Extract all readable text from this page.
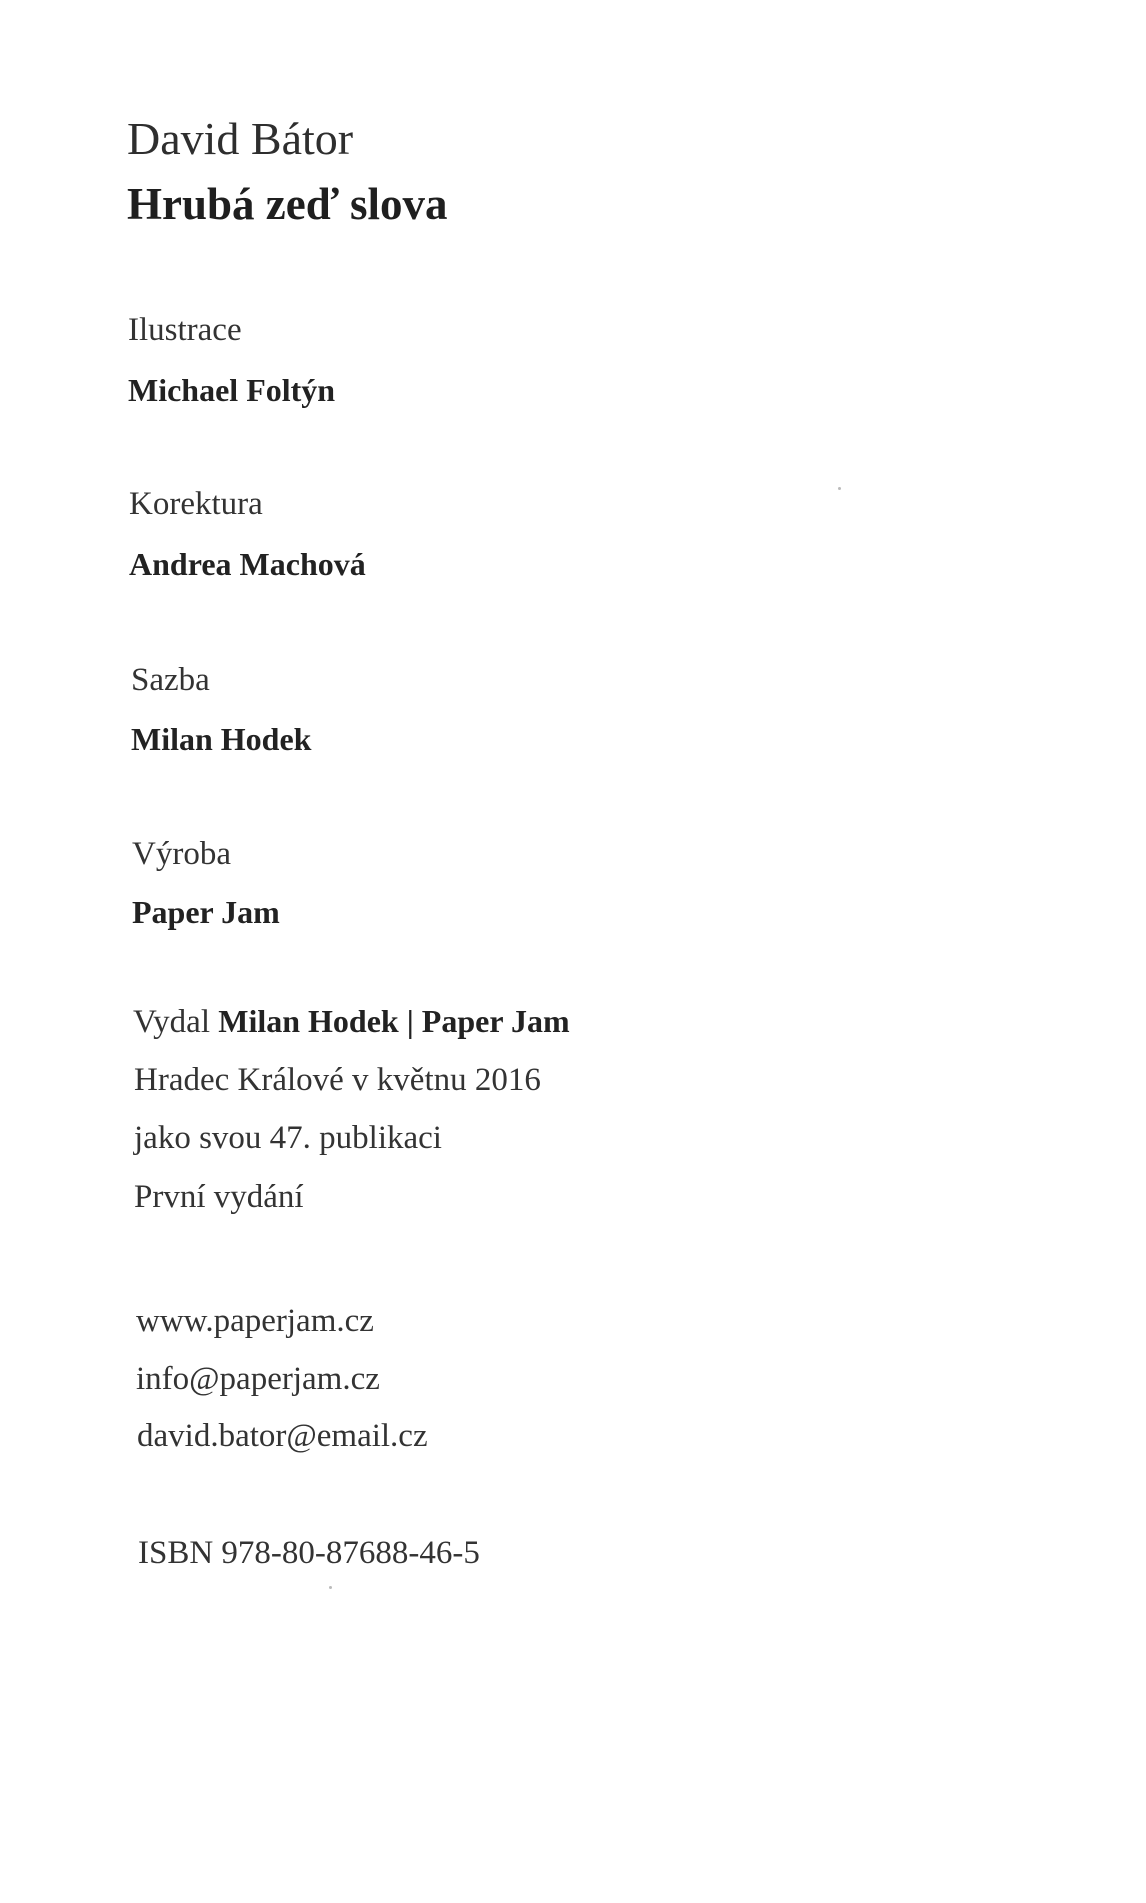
David Bátor
Hrubá zeď slova
Ilustrace
Michael Foltýn
Korektura
Andrea Machová
Sazba
Milan Hodek
Výroba
Paper Jam
Vydal Milan Hodek | Paper Jam
Hradec Králové v květnu 2016
jako svou 47. publikaci
První vydání
www.paperjam.cz
info@paperjam.cz
david.bator@email.cz
ISBN 978-80-87688-46-5
